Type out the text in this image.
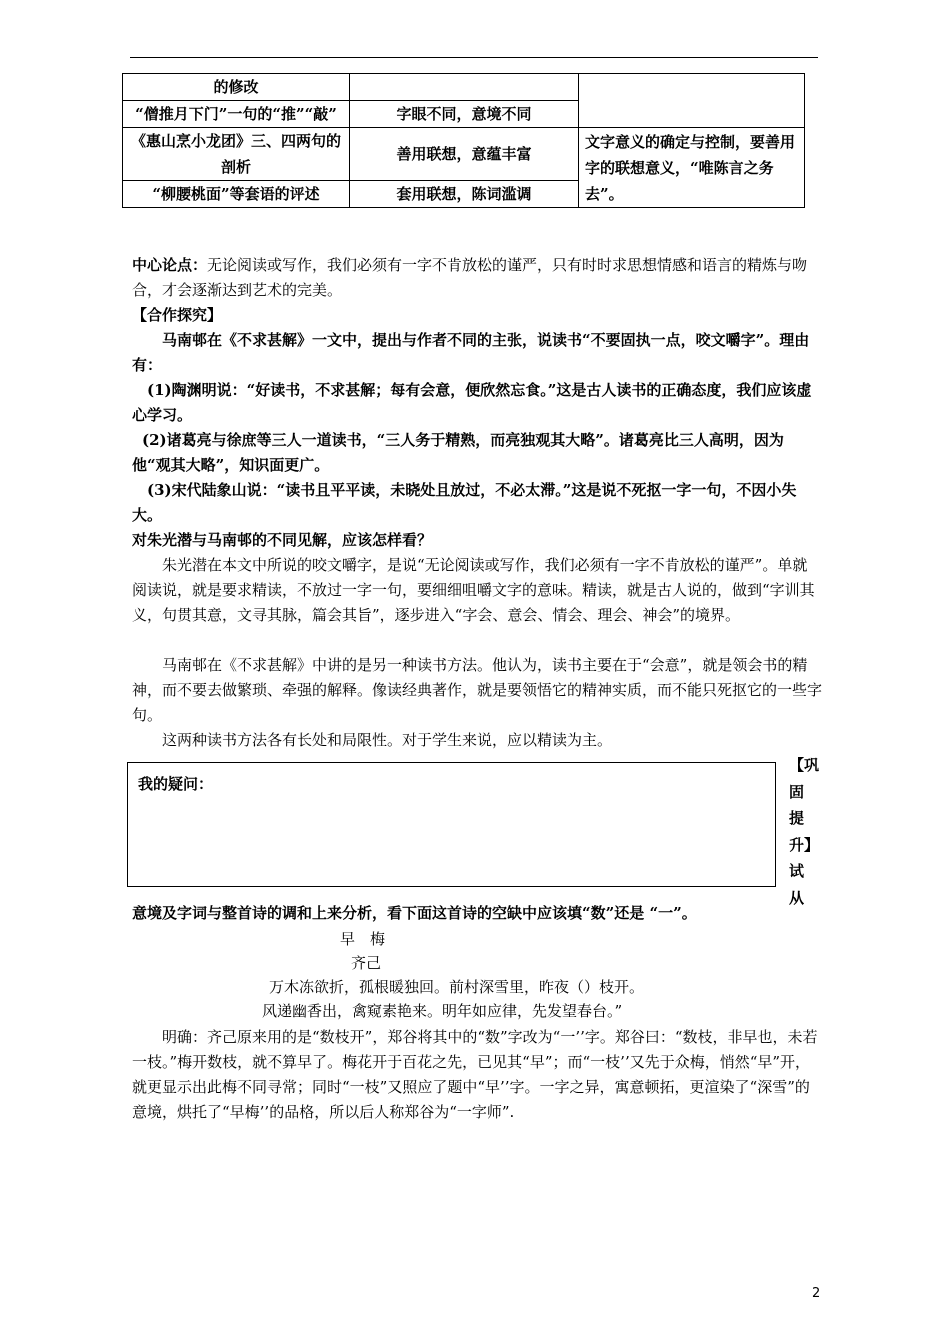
的修改		
“僧推月下门”一句的“推”“敲”	字眼不同，意境不同	
《惠山烹小龙团》三、四两句的剖析	善用联想，意蕴丰富	文字意义的确定与控制，要善用字的联想意义，“唯陈言之务去”。
“柳腰桃面”等套语的评述	套用联想，陈词滥调	

中心论点：无论阅读或写作，我们必须有一字不肯放松的谨严，只有时时求思想情感和语言的精炼与吻合，才会逐渐达到艺术的完美。

【合作探究】

马南邨在《不求甚解》一文中，提出与作者不同的主张，说读书“不要固执一点，咬文嚼字”。理由有：

(1)陶渊明说：“好读书，不求甚解；每有会意，便欣然忘食。”这是古人读书的正确态度，我们应该虚心学习。

(2)诸葛亮与徐庶等三人一道读书，“三人务于精熟，而亮独观其大略”。诸葛亮比三人高明，因为他“观其大略”，知识面更广。

(3)宋代陆象山说：“读书且平平读，未晓处且放过，不必太滞。”这是说不死抠一字一句，不因小失大。

对朱光潜与马南邨的不同见解，应该怎样看？

朱光潜在本文中所说的咬文嚼字，是说“无论阅读或写作，我们必须有一字不肯放松的谨严”。单就阅读说，就是要求精读，不放过一字一句，要细细咀嚼文字的意味。精读，就是古人说的，做到“字训其义，句贯其意，文寻其脉，篇会其旨”，逐步进入“字会、意会、情会、理会、神会”的境界。

马南邨在《不求甚解》中讲的是另一种读书方法。他认为，读书主要在于“会意”，就是领会书的精神，而不要去做繁琐、牵强的解释。像读经典著作，就是要领悟它的精神实质，而不能只死抠它的一些字句。

这两种读书方法各有长处和局限性。对于学生来说，应以精读为主。

我的疑问：
【巩
固
提
升】
试
从

意境及字词与整首诗的调和上来分析，看下面这首诗的空缺中应该填“数”还是 “一”。

早　梅

齐己

万木冻欲折，孤根暖独回。前村深雪里，昨夜（）枝开。

风递幽香出，禽窥素艳来。明年如应律，先发望春台。”

明确：齐己原来用的是“数枝开”，郑谷将其中的“数”字改为“一’’字。郑谷曰：“数枝，非早也，未若一枝。”梅开数枝，就不算早了。梅花开于百花之先，已见其“早”；而“一枝’’又先于众梅，悄然“早”开，就更显示出此梅不同寻常；同时“一枝”又照应了题中“早’’字。一字之异，寓意顿拓，更渲染了“深雪”的意境，烘托了“早梅’’的品格，所以后人称郑谷为“一字师”.

2
